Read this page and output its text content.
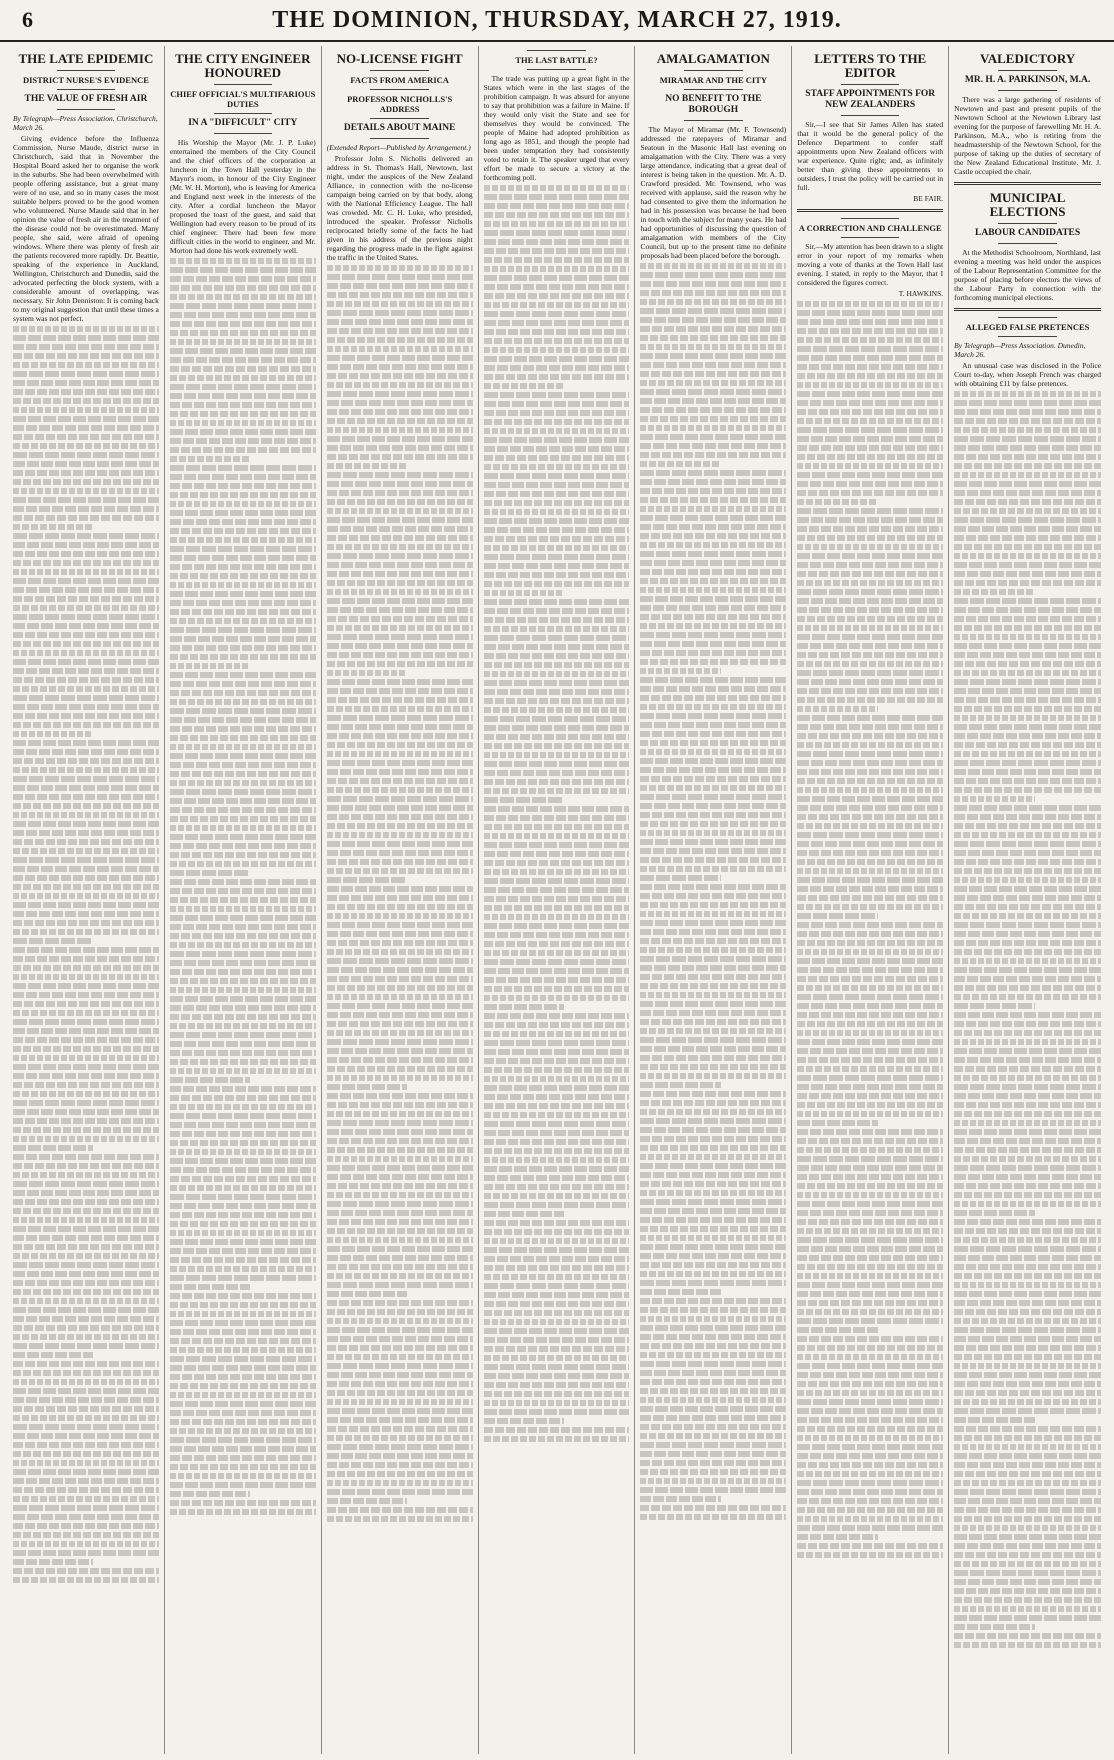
6	THE DOMINION, THURSDAY, MARCH 27, 1919.
THE LATE EPIDEMIC
DISTRICT NURSE'S EVIDENCE
THE VALUE OF FRESH AIR
By Telegraph—Press Association. Christchurch, March 26.

Giving evidence before the Influenza Commission, Nurse Maude, district nurse in Christchurch, said that in November the Hospital Board asked her to organise the work in the suburbs. She had been overwhelmed with people offering assistance, but a great many were of no use, and so in many cases the most suitable helpers proved to be the good women who volunteered. Nurse Maude said that in her opinion the value of fresh air in the treatment of the disease could not be overestimated. Many people, she said, were afraid of opening windows. Where there was plenty of fresh air the patients recovered more rapidly. Dr. Beattie, speaking of the experience in Auckland, Wellington, Christchurch and Dunedin, said the advocated perfecting the block system, with a considerable amount of overlapping, was necessary. Sir John Denniston: It is coming back to my original suggestion that until these times a system was not perfect.

THE CITY ENGINEER HONOURED
CHIEF OFFICIAL'S MULTIFARIOUS DUTIES
IN A "DIFFICULT" CITY

His Worship the Mayor (Mr. J. P. Luke) entertained the members of the City Council and the chief officers of the corporation at luncheon in the Town Hall yesterday in the Mayor's room, in honour of the City Engineer (Mr. W. H. Morton), who is leaving for America and England next week in the interests of the city. After a cordial luncheon the Mayor proposed the toast of the guest, and said that Wellington had every reason to be proud of its chief engineer. There had been few more difficult cities in the world to engineer, and Mr. Morton had done his work extremely well.

NO-LICENSE FIGHT
FACTS FROM AMERICA
PROFESSOR NICHOLLS'S ADDRESS
DETAILS ABOUT MAINE
(Extended Report—Published by Arrangement.)

Professor John S. Nicholls delivered an address in St. Thomas's Hall, Newtown, last night, under the auspices of the New Zealand Alliance, in connection with the no-license campaign being carried on by that body, along with the National Efficiency League. The hall was crowded. Mr. C. H. Luke, who presided, introduced the speaker. Professor Nicholls reciprocated briefly some of the facts he had given in his address of the previous night regarding the progress made in the fight against the traffic in the United States.

THE LAST BATTLE?

The trade was putting up a great fight in the States which were in the last stages of the prohibition campaign. It was absurd for anyone to say that prohibition was a failure in Maine. If they would only visit the State and see for themselves they would be convinced. The people of Maine had adopted prohibition as long ago as 1851, and though the people had been under temptation they had consistently voted to retain it. The speaker urged that every effort be made to secure a victory at the forthcoming poll.

AMALGAMATION
MIRAMAR AND THE CITY
NO BENEFIT TO THE BOROUGH

The Mayor of Miramar (Mr. F. Townsend) addressed the ratepayers of Miramar and Seatoun in the Masonic Hall last evening on amalgamation with the City. There was a very large attendance, indicating that a great deal of interest is being taken in the question. Mr. A. D. Crawford presided. Mr. Townsend, who was received with applause, said the reason why he had consented to give them the information he had in his possession was because he had been in touch with the subject for many years. He had had opportunities of discussing the question of amalgamation with members of the City Council, but up to the present time no definite proposals had been placed before the borough.

LETTERS TO THE EDITOR
STAFF APPOINTMENTS FOR NEW ZEALANDERS

Sir,—I see that Sir James Allen has stated that it would be the general policy of the Defence Department to confer staff appointments upon New Zealand officers with war experience. Quite right; and, as infinitely better than giving these appointments to outsiders, I trust the policy will be carried out in full.

BE FAIR.
A CORRECTION AND CHALLENGE

Sir,—My attention has been drawn to a slight error in your report of my remarks when moving a vote of thanks at the Town Hall last evening. I stated, in reply to the Mayor, that I considered the figures correct.

T. HAWKINS.
VALEDICTORY
MR. H. A. PARKINSON, M.A.

There was a large gathering of residents of Newtown and past and present pupils of the Newtown School at the Newtown Library last evening for the purpose of farewelling Mr. H. A. Parkinson, M.A., who is retiring from the headmastership of the Newtown School, for the purpose of taking up the duties of secretary of the New Zealand Educational Institute. Mr. J. Castle occupied the chair.

MUNICIPAL ELECTIONS
LABOUR CANDIDATES

At the Methodist Schoolroom, Northland, last evening a meeting was held under the auspices of the Labour Representation Committee for the purpose of placing before electors the views of the Labour Party in connection with the forthcoming municipal elections.

ALLEGED FALSE PRETENCES
By Telegraph—Press Association. Dunedin, March 26.

An unusual case was disclosed in the Police Court to-day, when Joseph French was charged with obtaining £11 by false pretences.
